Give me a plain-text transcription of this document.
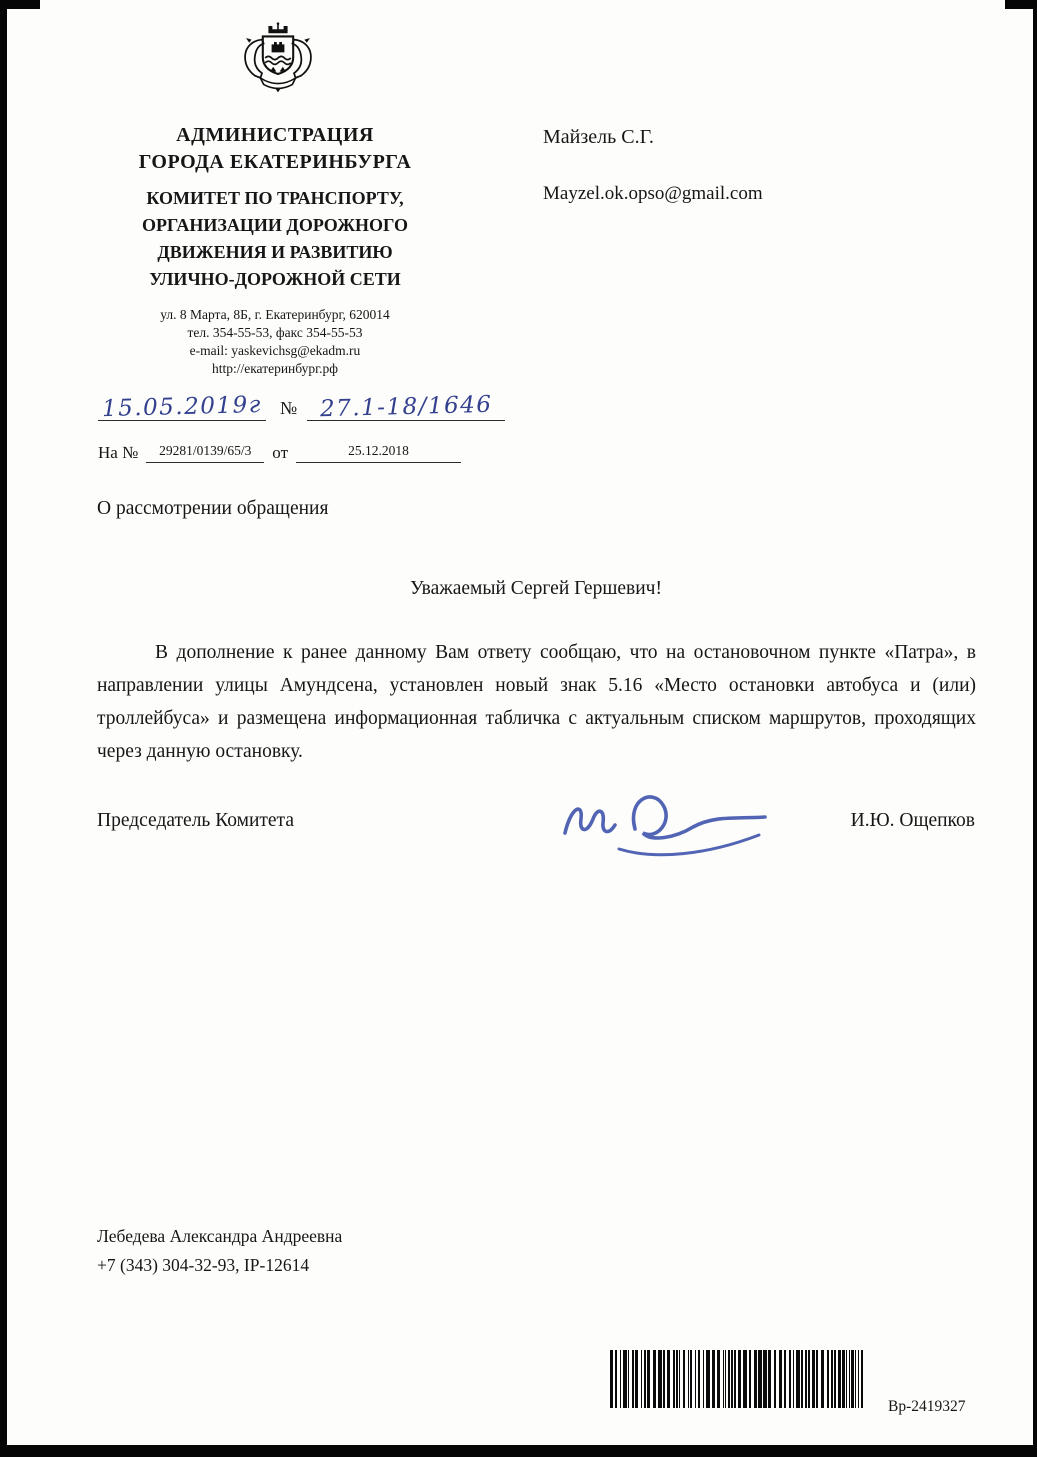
АДМИНИСТРАЦИЯ
ГОРОДА ЕКАТЕРИНБУРГА
КОМИТЕТ ПО ТРАНСПОРТУ,
ОРГАНИЗАЦИИ ДОРОЖНОГО
ДВИЖЕНИЯ И РАЗВИТИЮ
УЛИЧНО-ДОРОЖНОЙ СЕТИ
ул. 8 Марта, 8Б, г. Екатеринбург, 620014
тел. 354-55-53, факс 354-55-53
e-mail: yaskevichsg@ekadm.ru
http://екатеринбург.рф
Майзель С.Г.
Mayzel.ok.opso@gmail.com
15.05.2019г № 27.1-18/1646
На №	29281/0139/65/3	от	25.12.2018
О рассмотрении обращения
Уважаемый Сергей Гершевич!
В дополнение к ранее данному Вам ответу сообщаю, что на остановочном пункте «Патра», в направлении улицы Амундсена, установлен новый знак 5.16 «Место остановки автобуса и (или) троллейбуса» и размещена информационная табличка с актуальным списком маршрутов, проходящих через данную остановку.
Председатель Комитета	И.Ю. Ощепков
Лебедева Александра Андреевна
+7 (343) 304-32-93, IP-12614
Вр-2419327
